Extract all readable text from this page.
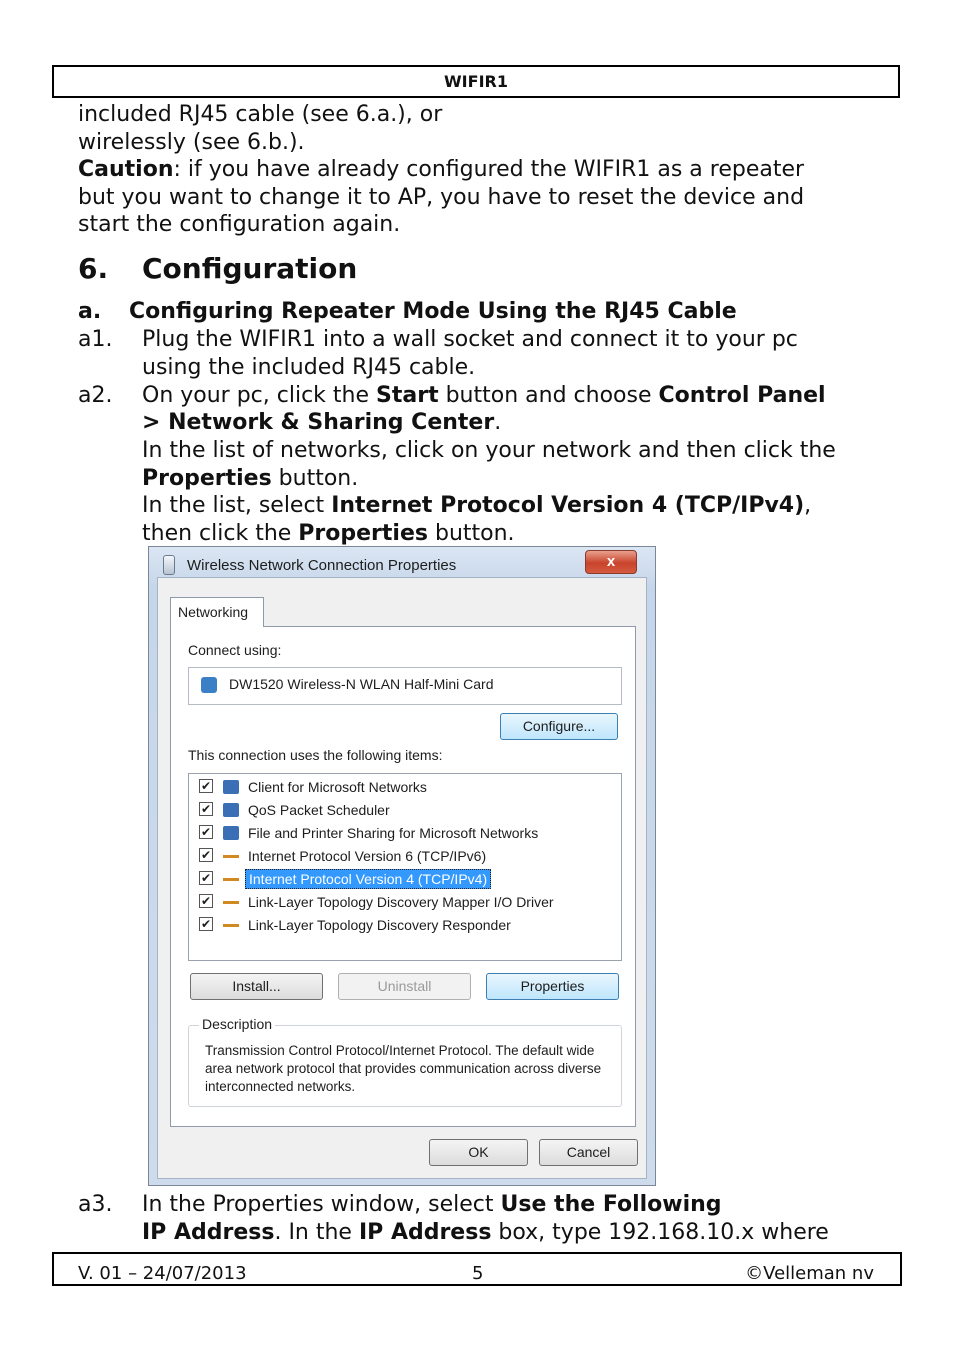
WIFIR1
included RJ45 cable (see 6.a.), or
wirelessly (see 6.b.).
Caution: if you have already configured the WIFIR1 as a repeater
but you want to change it to AP, you have to reset the device and
start the configuration again.
6. Configuration
a. Configuring Repeater Mode Using the RJ45 Cable
a1. Plug the WIFIR1 into a wall socket and connect it to your pc
using the included RJ45 cable.
a2. On your pc, click the Start button and choose Control Panel
> Network & Sharing Center.
In the list of networks, click on your network and then click the
Properties button.
In the list, select Internet Protocol Version 4 (TCP/IPv4),
then click the Properties button.
Wireless Network Connection Properties	x
Networking
Connect using:
DW1520 Wireless-N WLAN Half-Mini Card
Configure...
This connection uses the following items:
✔	Client for Microsoft Networks
✔	QoS Packet Scheduler
✔	File and Printer Sharing for Microsoft Networks
✔	Internet Protocol Version 6 (TCP/IPv6)
✔	Internet Protocol Version 4 (TCP/IPv4)
✔	Link-Layer Topology Discovery Mapper I/O Driver
✔	Link-Layer Topology Discovery Responder
Install...	Uninstall	Properties
Description
Transmission Control Protocol/Internet Protocol. The default wide area network protocol that provides communication across diverse interconnected networks.
OK	Cancel
a3. In the Properties window, select Use the Following
IP Address. In the IP Address box, type 192.168.10.x where
V. 01 – 24/07/2013	5	©Velleman nv
